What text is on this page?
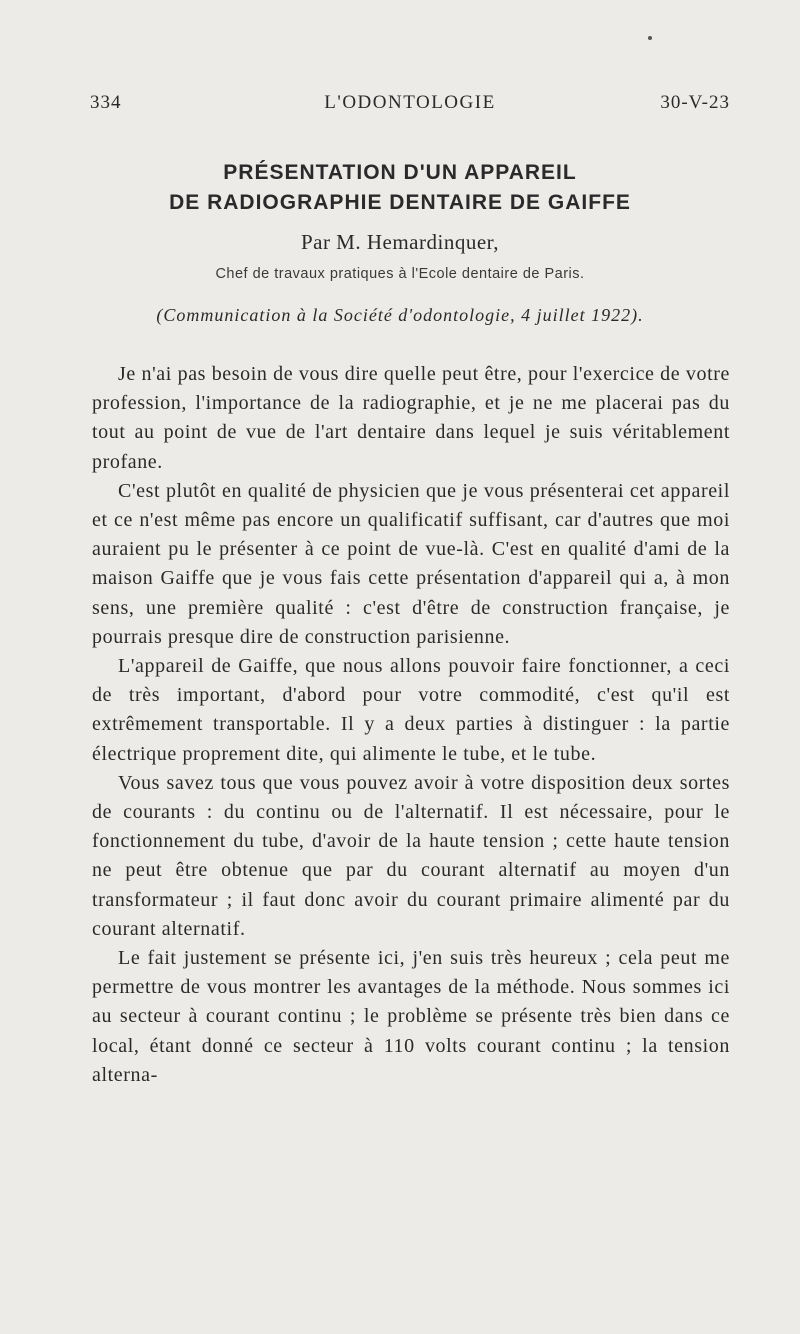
334	L'ODONTOLOGIE	30-V-23
PRÉSENTATION D'UN APPAREIL
DE RADIOGRAPHIE DENTAIRE DE GAIFFE
Par M. Hemardinquer,
Chef de travaux pratiques à l'Ecole dentaire de Paris.
(Communication à la Société d'odontologie, 4 juillet 1922).

Je n'ai pas besoin de vous dire quelle peut être, pour l'exercice de votre profession, l'importance de la radiographie, et je ne me placerai pas du tout au point de vue de l'art dentaire dans lequel je suis véritablement profane.

C'est plutôt en qualité de physicien que je vous présenterai cet appareil et ce n'est même pas encore un qualificatif suffisant, car d'autres que moi auraient pu le présenter à ce point de vue-là. C'est en qualité d'ami de la maison Gaiffe que je vous fais cette présentation d'appareil qui a, à mon sens, une première qualité : c'est d'être de construction française, je pourrais presque dire de construction parisienne.

L'appareil de Gaiffe, que nous allons pouvoir faire fonctionner, a ceci de très important, d'abord pour votre commodité, c'est qu'il est extrêmement transportable. Il y a deux parties à distinguer : la partie électrique proprement dite, qui alimente le tube, et le tube.

Vous savez tous que vous pouvez avoir à votre disposition deux sortes de courants : du continu ou de l'alternatif. Il est nécessaire, pour le fonctionnement du tube, d'avoir de la haute tension ; cette haute tension ne peut être obtenue que par du courant alternatif au moyen d'un transformateur ; il faut donc avoir du courant primaire alimenté par du courant alternatif.

Le fait justement se présente ici, j'en suis très heureux ; cela peut me permettre de vous montrer les avantages de la méthode. Nous sommes ici au secteur à courant continu ; le problème se présente très bien dans ce local, étant donné ce secteur à 110 volts courant continu ; la tension alterna-
